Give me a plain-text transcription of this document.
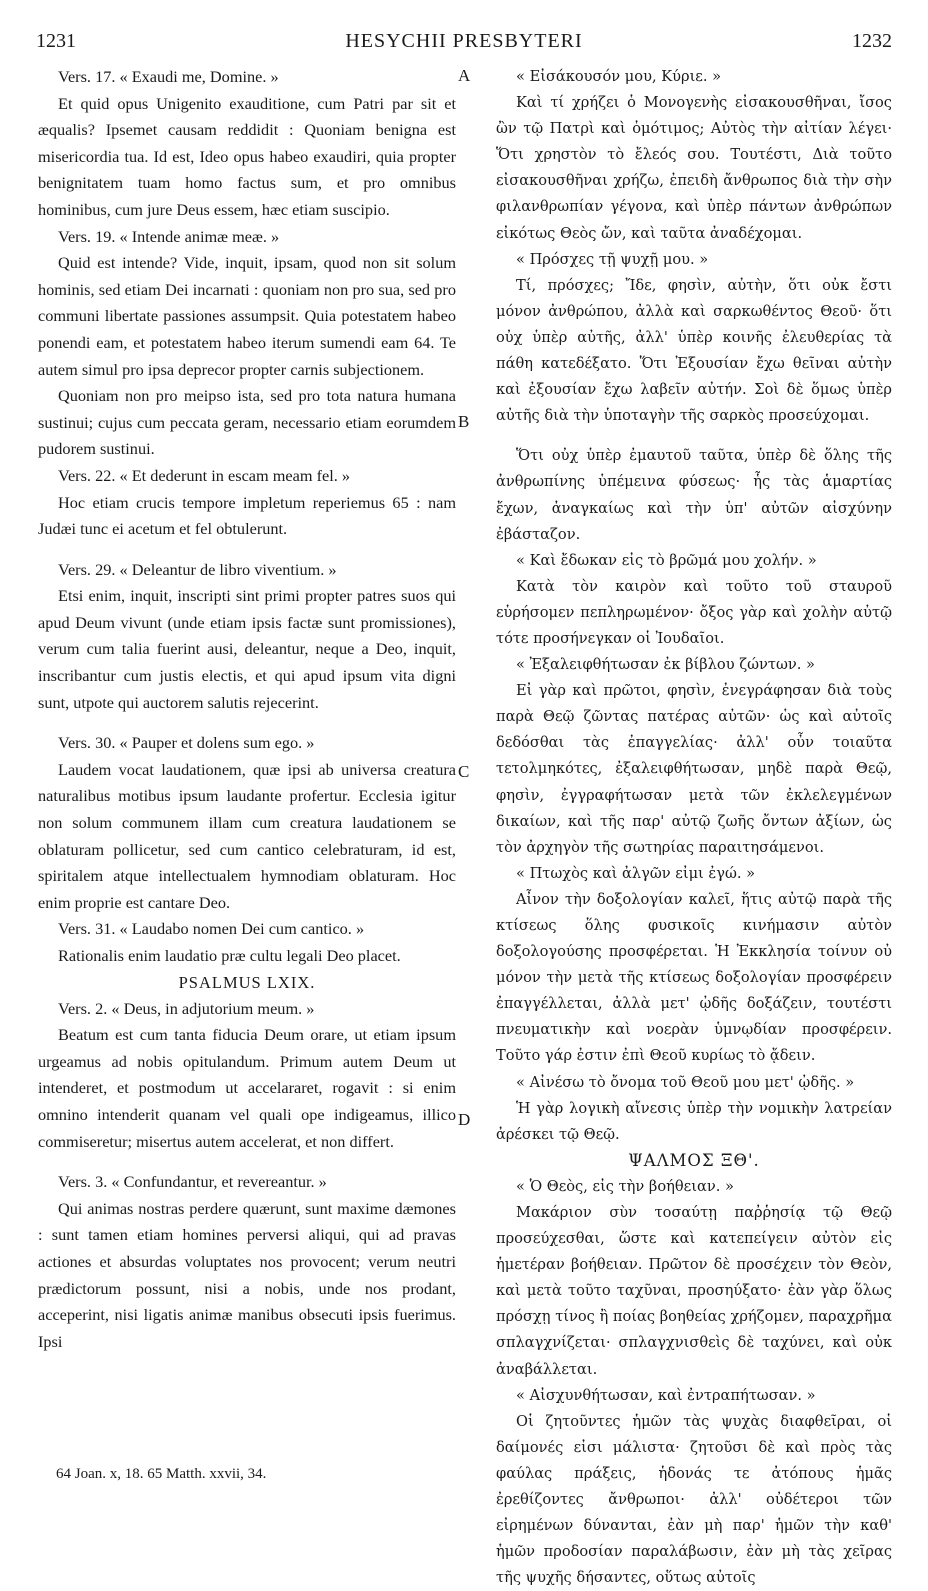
1231	HESYCHII PRESBYTERI	1232
Vers. 17. « Exaudi me, Domine. »
Et quid opus Unigenito exauditione, cum Patri par sit et æqualis? Ipsemet causam reddidit : Quoniam benigna est misericordia tua. Id est, Ideo opus habeo exaudiri, quia propter benignitatem tuam homo factus sum, et pro omnibus hominibus, cum jure Deus essem, hæc etiam suscipio.
Vers. 19. « Intende animæ meæ. »
Quid est intende? Vide, inquit, ipsam, quod non sit solum hominis, sed etiam Dei incarnati : quoniam non pro sua, sed pro communi libertate passiones assumpsit. Quia potestatem habeo ponendi eam, et potestatem habeo iterum sumendi eam 64. Te autem simul pro ipsa deprecor propter carnis subjectionem.
Quoniam non pro meipso ista, sed pro tota natura humana sustinui; cujus cum peccata geram, necessario etiam eorumdem pudorem sustinui.
Vers. 22. « Et dederunt in escam meam fel. »
Hoc etiam crucis tempore impletum reperiemus 65 : nam Judæi tunc ei acetum et fel obtulerunt.
Vers. 29. « Deleantur de libro viventium. »
Etsi enim, inquit, inscripti sint primi propter patres suos qui apud Deum vivunt (unde etiam ipsis factæ sunt promissiones), verum cum talia fuerint ausi, deleantur, neque a Deo, inquit, inscribantur cum justis electis, et qui apud ipsum vita digni sunt, utpote qui auctorem salutis rejecerint.
Vers. 30. « Pauper et dolens sum ego. »
Laudem vocat laudationem, quæ ipsi ab universa creatura naturalibus motibus ipsum laudante profertur. Ecclesia igitur non solum communem illam cum creatura laudationem se oblaturam pollicetur, sed cum cantico celebraturam, id est, spiritalem atque intellectualem hymnodiam oblaturam. Hoc enim proprie est cantare Deo.
Vers. 31. « Laudabo nomen Dei cum cantico. »
Rationalis enim laudatio præ cultu legali Deo placet.
PSALMUS LXIX.
Vers. 2. « Deus, in adjutorium meum. »
Beatum est cum tanta fiducia Deum orare, ut etiam ipsum urgeamus ad nobis opitulandum. Primum autem Deum ut intenderet, et postmodum ut accelararet, rogavit : si enim omnino intenderit quanam vel quali ope indigeamus, illico commiseretur; misertus autem accelerat, et non differt.
Vers. 3. « Confundantur, et revereantur. »
Qui animas nostras perdere quærunt, sunt maxime dæmones : sunt tamen etiam homines perversi aliqui, qui ad pravas actiones et absurdas voluptates nos provocent; verum neutri prædictorum possunt, nisi a nobis, unde nos prodant, acceperint, nisi ligatis animæ manibus obsecuti ipsis fuerimus. Ipsi
A
B
C
D
« Εἰσάκουσόν μου, Κύριε. »
Καὶ τί χρήζει ὁ Μονογενὴς εἰσακουσθῆναι, ἴσος ὢν τῷ Πατρὶ καὶ ὁμότιμος; Αὐτὸς τὴν αἰτίαν λέγει· Ὅτι χρηστὸν τὸ ἔλεός σου. Τουτέστι, Διὰ τοῦτο εἰσακουσθῆναι χρήζω, ἐπειδὴ ἄνθρωπος διὰ τὴν σὴν φιλανθρωπίαν γέγονα, καὶ ὑπὲρ πάντων ἀνθρώπων εἰκότως Θεὸς ὤν, καὶ ταῦτα ἀναδέχομαι.
« Πρόσχες τῇ ψυχῇ μου. »
Τί, πρόσχες; Ἴδε, φησὶν, αὐτὴν, ὅτι οὐκ ἔστι μόνον ἀνθρώπου, ἀλλὰ καὶ σαρκωθέντος Θεοῦ· ὅτι οὐχ ὑπὲρ αὐτῆς, ἀλλ' ὑπὲρ κοινῆς ἐλευθερίας τὰ πάθη κατεδέξατο. Ὅτι Ἐξουσίαν ἔχω θεῖναι αὐτὴν καὶ ἐξουσίαν ἔχω λαβεῖν αὐτήν. Σοὶ δὲ ὅμως ὑπὲρ αὐτῆς διὰ τὴν ὑποταγὴν τῆς σαρκὸς προσεύχομαι.
Ὅτι οὐχ ὑπὲρ ἐμαυτοῦ ταῦτα, ὑπὲρ δὲ ὅλης τῆς ἀνθρωπίνης ὑπέμεινα φύσεως· ἧς τὰς ἁμαρτίας ἔχων, ἀναγκαίως καὶ τὴν ὑπ' αὐτῶν αἰσχύνην ἐβάσταζον.
« Καὶ ἔδωκαν εἰς τὸ βρῶμά μου χολήν. »
Κατὰ τὸν καιρὸν καὶ τοῦτο τοῦ σταυροῦ εὑρήσομεν πεπληρωμένον· ὄξος γὰρ καὶ χολὴν αὐτῷ τότε προσήνεγκαν οἱ Ἰουδαῖοι.
« Ἐξαλειφθήτωσαν ἐκ βίβλου ζώντων. »
Εἰ γὰρ καὶ πρῶτοι, φησὶν, ἐνεγράφησαν διὰ τοὺς παρὰ Θεῷ ζῶντας πατέρας αὐτῶν· ὡς καὶ αὐτοῖς δεδόσθαι τὰς ἐπαγγελίας· ἀλλ' οὖν τοιαῦτα τετολμηκότες, ἐξαλειφθήτωσαν, μηδὲ παρὰ Θεῷ, φησὶν, ἐγγραφήτωσαν μετὰ τῶν ἐκλελεγμένων δικαίων, καὶ τῆς παρ' αὐτῷ ζωῆς ὄντων ἀξίων, ὡς τὸν ἀρχηγὸν τῆς σωτηρίας παραιτησάμενοι.
« Πτωχὸς καὶ ἀλγῶν εἰμι ἐγώ. »
Αἶνον τὴν δοξολογίαν καλεῖ, ἥτις αὐτῷ παρὰ τῆς κτίσεως ὅλης φυσικοῖς κινήμασιν αὐτὸν δοξολογούσης προσφέρεται. Ἡ Ἐκκλησία τοίνυν οὐ μόνον τὴν μετὰ τῆς κτίσεως δοξολογίαν προσφέρειν ἐπαγγέλλεται, ἀλλὰ μετ' ᾠδῆς δοξάζειν, τουτέστι πνευματικὴν καὶ νοερὰν ὑμνῳδίαν προσφέρειν. Τοῦτο γάρ ἐστιν ἐπὶ Θεοῦ κυρίως τὸ ᾄδειν.
« Αἰνέσω τὸ ὄνομα τοῦ Θεοῦ μου μετ' ᾠδῆς. »
Ἡ γὰρ λογικὴ αἴνεσις ὑπὲρ τὴν νομικὴν λατρείαν ἀρέσκει τῷ Θεῷ.
ΨΑΛΜΟΣ ΞΘ'.
« Ὁ Θεὸς, εἰς τὴν βοήθειαν. »
Μακάριον σὺν τοσαύτῃ παῤῥησίᾳ τῷ Θεῷ προσεύχεσθαι, ὥστε καὶ κατεπείγειν αὐτὸν εἰς ἡμετέραν βοήθειαν. Πρῶτον δὲ προσέχειν τὸν Θεὸν, καὶ μετὰ τοῦτο ταχῦναι, προσηύξατο· ἐὰν γὰρ ὅλως πρόσχῃ τίνος ἢ ποίας βοηθείας χρήζομεν, παραχρῆμα σπλαγχνίζεται· σπλαγχνισθεὶς δὲ ταχύνει, καὶ οὐκ ἀναβάλλεται.
« Αἰσχυνθήτωσαν, καὶ ἐντραπήτωσαν. »
Οἱ ζητοῦντες ἡμῶν τὰς ψυχὰς διαφθεῖραι, οἱ δαίμονές εἰσι μάλιστα· ζητοῦσι δὲ καὶ πρὸς τὰς φαύλας πράξεις, ἡδονάς τε ἀτόπους ἡμᾶς ἐρεθίζοντες ἄνθρωποι· ἀλλ' οὐδέτεροι τῶν εἰρημένων δύνανται, ἐὰν μὴ παρ' ἡμῶν τὴν καθ' ἡμῶν προδοσίαν παραλάβωσιν, ἐὰν μὴ τὰς χεῖρας τῆς ψυχῆς δήσαντες, οὕτως αὐτοῖς
64 Joan. x, 18. 65 Matth. xxvii, 34.
